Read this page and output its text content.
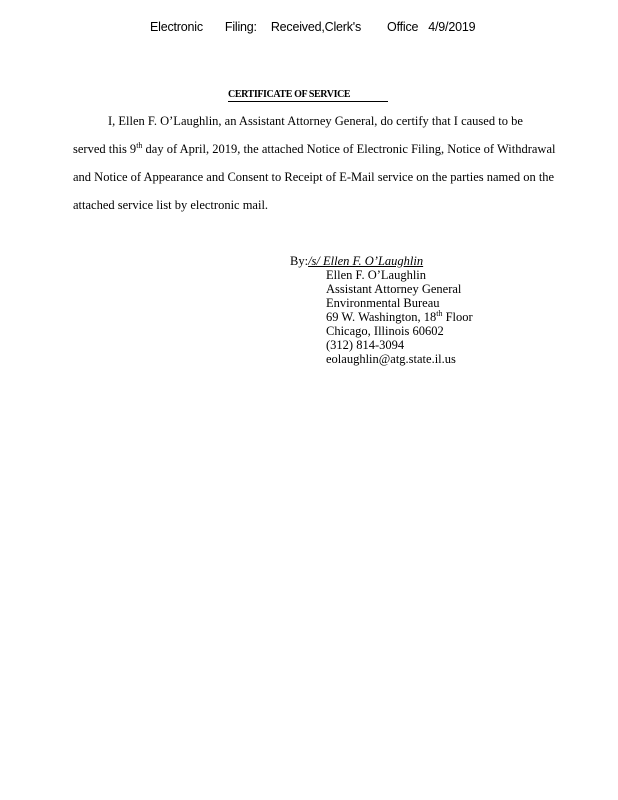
Electronic Filing: Received,Clerk's Office 4/9/2019
CERTIFICATE OF SERVICE
I, Ellen F. O’Laughlin, an Assistant Attorney General, do certify that I caused to be
served this 9th day of April, 2019, the attached Notice of Electronic Filing, Notice of Withdrawal
and Notice of Appearance and Consent to Receipt of E-Mail service on the parties named on the
attached service list by electronic mail.
By:/s/ Ellen F. O’Laughlin
Ellen F. O’Laughlin
Assistant Attorney General
Environmental Bureau
69 W. Washington, 18th Floor
Chicago, Illinois 60602
(312) 814-3094
eolaughlin@atg.state.il.us
